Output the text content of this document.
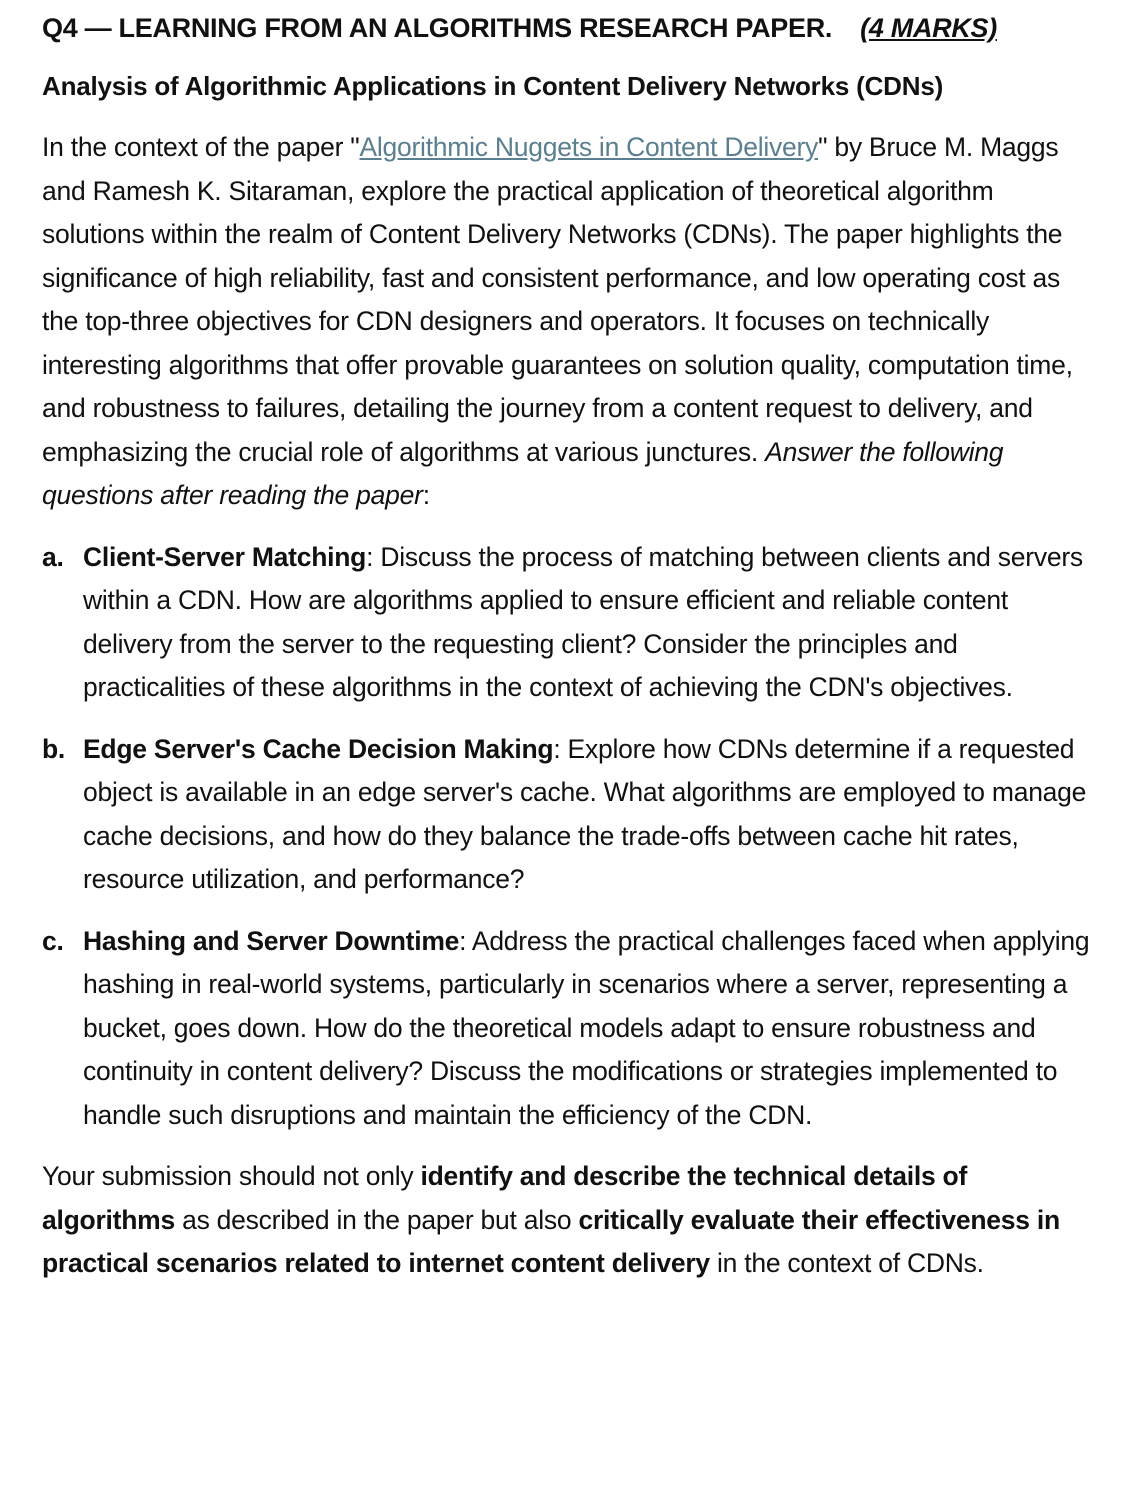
Q4 — LEARNING FROM AN ALGORITHMS RESEARCH PAPER. (4 MARKS)
Analysis of Algorithmic Applications in Content Delivery Networks (CDNs)

In the context of the paper "Algorithmic Nuggets in Content Delivery" by Bruce M. Maggs and Ramesh K. Sitaraman, explore the practical application of theoretical algorithm solutions within the realm of Content Delivery Networks (CDNs). The paper highlights the significance of high reliability, fast and consistent performance, and low operating cost as the top-three objectives for CDN designers and operators. It focuses on technically interesting algorithms that offer provable guarantees on solution quality, computation time, and robustness to failures, detailing the journey from a content request to delivery, and emphasizing the crucial role of algorithms at various junctures. Answer the following questions after reading the paper:

a. Client-Server Matching: Discuss the process of matching between clients and servers within a CDN. How are algorithms applied to ensure efficient and reliable content delivery from the server to the requesting client? Consider the principles and practicalities of these algorithms in the context of achieving the CDN's objectives.
b. Edge Server's Cache Decision Making: Explore how CDNs determine if a requested object is available in an edge server's cache. What algorithms are employed to manage cache decisions, and how do they balance the trade-offs between cache hit rates, resource utilization, and performance?
c. Hashing and Server Downtime: Address the practical challenges faced when applying hashing in real-world systems, particularly in scenarios where a server, representing a bucket, goes down. How do the theoretical models adapt to ensure robustness and continuity in content delivery? Discuss the modifications or strategies implemented to handle such disruptions and maintain the efficiency of the CDN.

Your submission should not only identify and describe the technical details of algorithms as described in the paper but also critically evaluate their effectiveness in practical scenarios related to internet content delivery in the context of CDNs.
